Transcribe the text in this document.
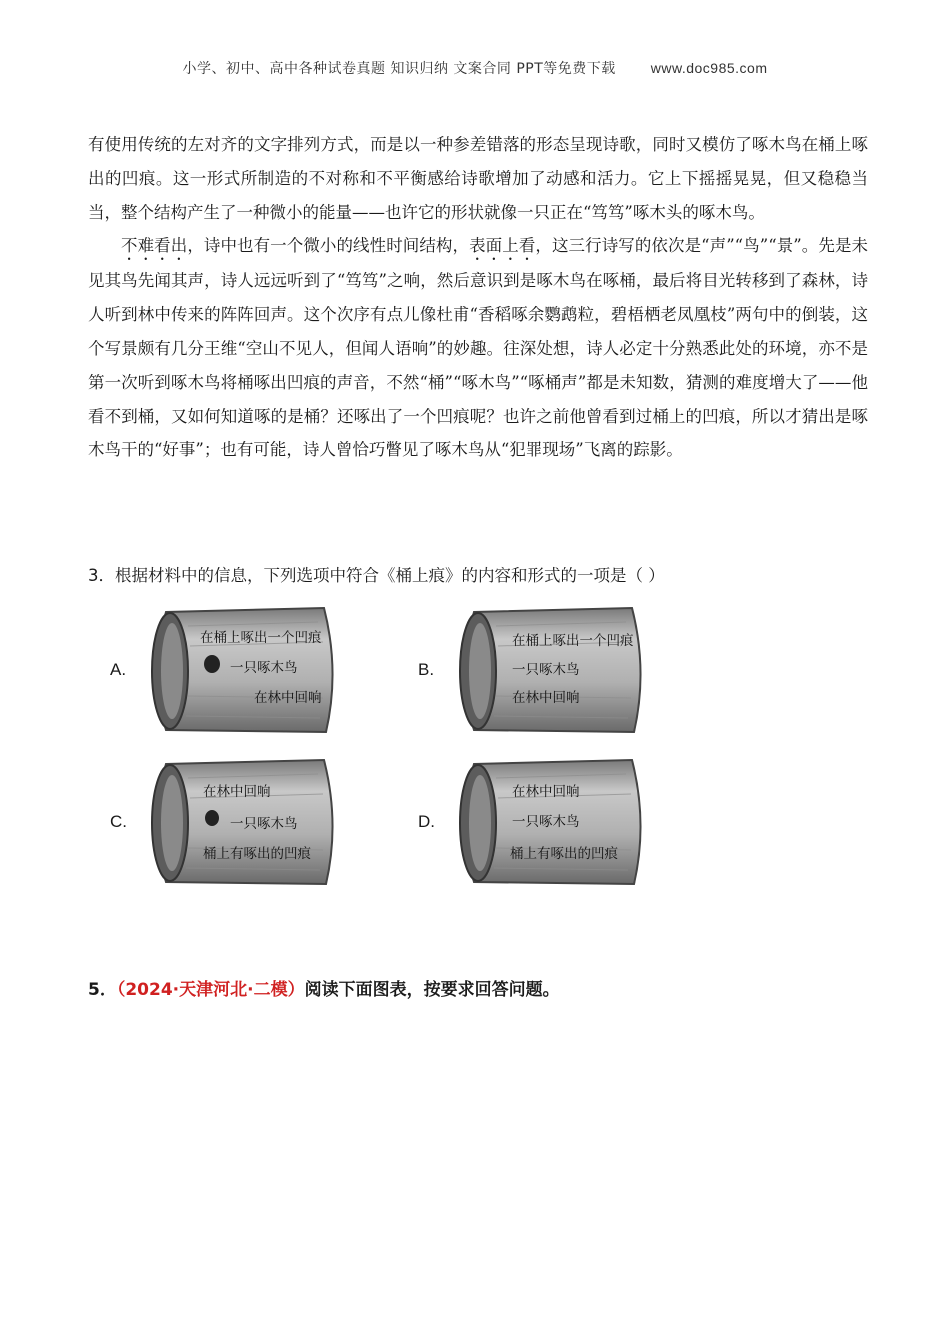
小学、初中、高中各种试卷真题 知识归纳 文案合同 PPT等免费下载 www.doc985.com

有使用传统的左对齐的文字排列方式，而是以一种参差错落的形态呈现诗歌，同时又模仿了啄木鸟在桶上啄出的凹痕。这一形式所制造的不对称和不平衡感给诗歌增加了动感和活力。它上下摇摇晃晃，但又稳稳当当，整个结构产生了一种微小的能量——也许它的形状就像一只正在“笃笃”啄木头的啄木鸟。

不难看出，诗中也有一个微小的线性时间结构，表面上看，这三行诗写的依次是“声”“鸟”“景”。先是未见其鸟先闻其声，诗人远远听到了“笃笃”之响，然后意识到是啄木鸟在啄桶，最后将目光转移到了森林，诗人听到林中传来的阵阵回声。这个次序有点儿像杜甫“香稻啄余鹦鹉粒，碧梧栖老凤凰枝”两句中的倒装，这个写景颇有几分王维“空山不见人，但闻人语响”的妙趣。往深处想，诗人必定十分熟悉此处的环境，亦不是第一次听到啄木鸟将桶啄出凹痕的声音，不然“桶”“啄木鸟”“啄桶声”都是未知数，猜测的难度增大了——他看不到桶，又如何知道啄的是桶？还啄出了一个凹痕呢？也许之前他曾看到过桶上的凹痕，所以才猜出是啄木鸟干的“好事”；也有可能，诗人曾恰巧瞥见了啄木鸟从“犯罪现场”飞离的踪影。

3．根据材料中的信息，下列选项中符合《桶上痕》的内容和形式的一项是（ ）
A.
在桶上啄出一个凹痕
一只啄木鸟
在林中回响
B.
在桶上啄出一个凹痕
一只啄木鸟
在林中回响
C.
在林中回响
一只啄木鸟
桶上有啄出的凹痕
D.
在林中回响
一只啄木鸟
桶上有啄出的凹痕
5．（2024·天津河北·二模）阅读下面图表，按要求回答问题。
